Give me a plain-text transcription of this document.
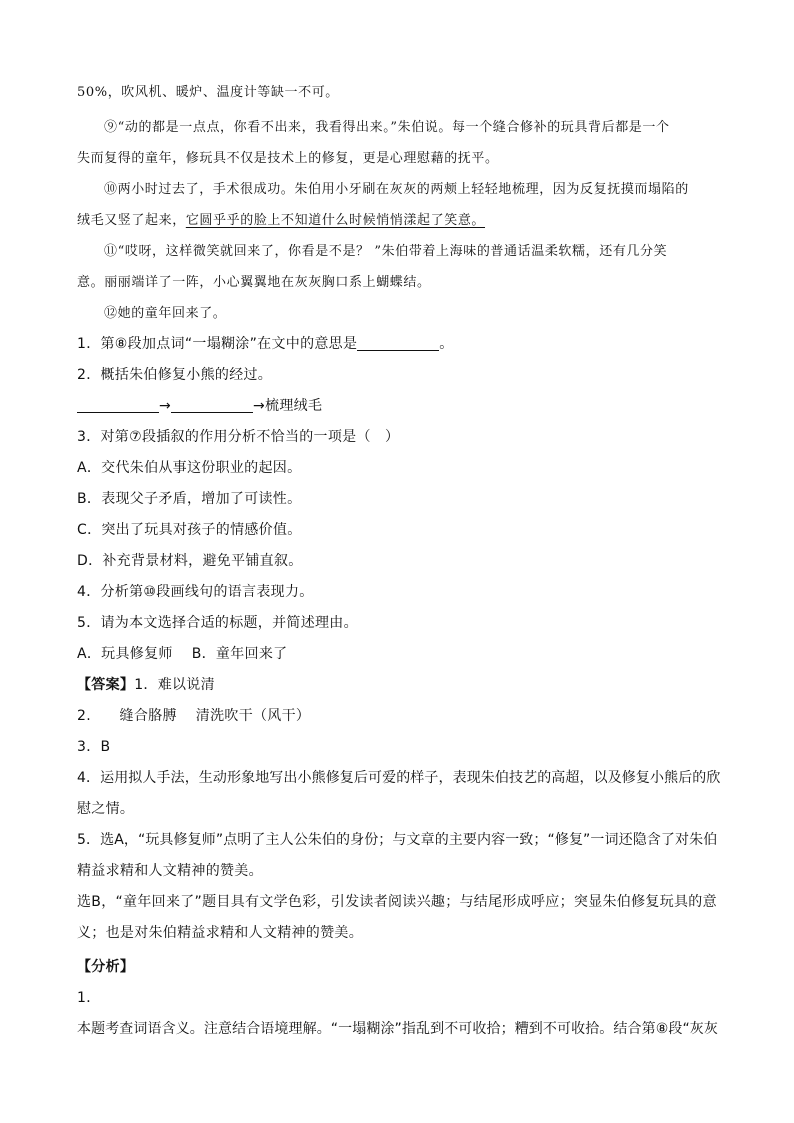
50%，吹风机、暖炉、温度计等缺一不可。
⑨“动的都是一点点，你看不出来，我看得出来。”朱伯说。每一个缝合修补的玩具背后都是一个
失而复得的童年，修玩具不仅是技术上的修复，更是心理慰藉的抚平。
⑩两小时过去了，手术很成功。朱伯用小牙刷在灰灰的两颊上轻轻地梳理，因为反复抚摸而塌陷的
绒毛又竖了起来，它圆乎乎的脸上不知道什么时候悄悄漾起了笑意。
⑪“哎呀，这样微笑就回来了，你看是不是？ ”朱伯带着上海味的普通话温柔软糯，还有几分笑
意。丽丽端详了一阵，小心翼翼地在灰灰胸口系上蝴蝶结。
⑫她的童年回来了。
1．第⑧段加点词“一塌糊涂”在文中的意思是	。
2．概括朱伯修复小熊的经过。
→	→梳理绒毛
3．对第⑦段插叙的作用分析不恰当的一项是（　）
A．交代朱伯从事这份职业的起因。
B．表现父子矛盾，增加了可读性。
C．突出了玩具对孩子的情感价值。
D．补充背景材料，避免平铺直叙。
4．分析第⑩段画线句的语言表现力。
5．请为本文选择合适的标题，并简述理由。
A．玩具修复师　 B．童年回来了
【答案】1．难以说清
2.　　缝合胳膊　 清洗吹干（风干）
3．B
4．运用拟人手法，生动形象地写出小熊修复后可爱的样子，表现朱伯技艺的高超，以及修复小熊后的欣
慰之情。
5．选A，“玩具修复师”点明了主人公朱伯的身份；与文章的主要内容一致；“修复”一词还隐含了对朱伯
精益求精和人文精神的赞美。
选B，“童年回来了”题目具有文学色彩，引发读者阅读兴趣；与结尾形成呼应；突显朱伯修复玩具的意
义；也是对朱伯精益求精和人文精神的赞美。
【分析】
1．
本题考查词语含义。注意结合语境理解。“一塌糊涂”指乱到不可收拾；糟到不可收拾。结合第⑧段“灰灰
